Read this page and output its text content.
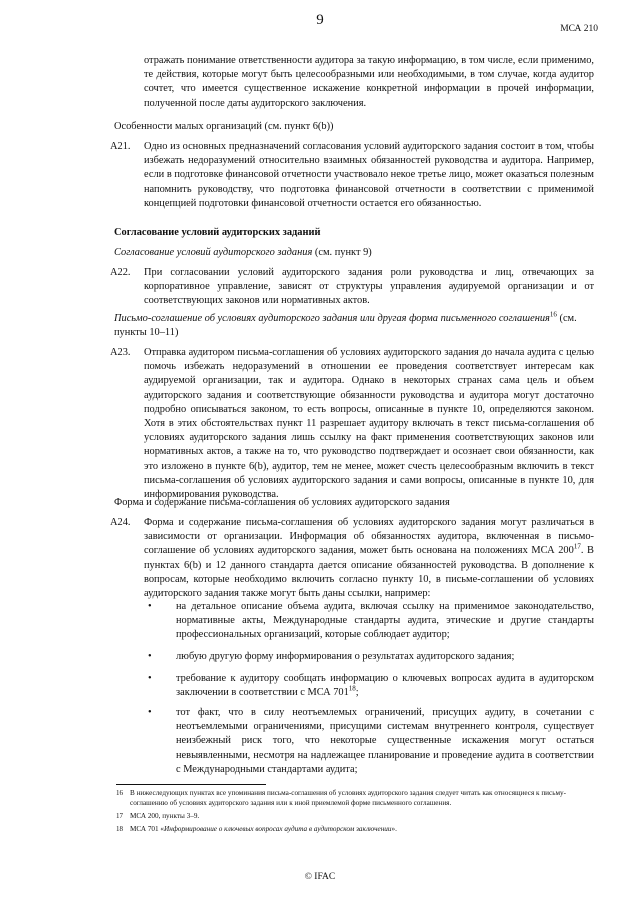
9
МСА 210

отражать понимание ответственности аудитора за такую информацию, в том числе, если применимо, те действия, которые могут быть целесообразными или необходимыми, в том случае, когда аудитор сочтет, что имеется существенное искажение конкретной информации в прочей информации, полученной после даты аудиторского заключения.

Особенности малых организаций (см. пункт 6(b))
A21.	Одно из основных предназначений согласования условий аудиторского задания состоит в том, чтобы избежать недоразумений относительно взаимных обязанностей руководства и аудитора. Например, если в подготовке финансовой отчетности участвовало некое третье лицо, может оказаться полезным напомнить руководству, что подготовка финансовой отчетности в соответствии с применимой концепцией подготовки финансовой отчетности остается его обязанностью.
Согласование условий аудиторских заданий
Согласование условий аудиторского задания (см. пункт 9)
A22.	При согласовании условий аудиторского задания роли руководства и лиц, отвечающих за корпоративное управление, зависят от структуры управления аудируемой организации и от соответствующих законов или нормативных актов.
Письмо-соглашение об условиях аудиторского задания или другая форма письменного соглашения$^{16}$ (см. пункты 10–11)
A23.	Отправка аудитором письма-соглашения об условиях аудиторского задания до начала аудита с целью помочь избежать недоразумений в отношении ее проведения соответствует интересам как аудируемой организации, так и аудитора. Однако в некоторых странах сама цель и объем аудиторского задания и соответствующие обязанности руководства и аудитора могут достаточно подробно описываться законом, то есть вопросы, описанные в пункте 10, определяются законом. Хотя в этих обстоятельствах пункт 11 разрешает аудитору включать в текст письма-соглашения об условиях аудиторского задания лишь ссылку на факт применения соответствующих законов или нормативных актов, а также на то, что руководство подтверждает и осознает свои обязанности, как это изложено в пункте 6(b), аудитор, тем не менее, может счесть целесообразным включить в текст письма-соглашения об условиях аудиторского задания и сами вопросы, описанные в пункте 10, для информирования руководства.
Форма и содержание письма-соглашения об условиях аудиторского задания
A24.	Форма и содержание письма-соглашения об условиях аудиторского задания могут различаться в зависимости от организации. Информация об обязанностях аудитора, включенная в письмо-соглашение об условиях аудиторского задания, может быть основана на положениях МСА $200^{17}$. В пунктах 6(b) и 12 данного стандарта дается описание обязанностей руководства. В дополнение к вопросам, которые необходимо включить согласно пункту 10, в письме-соглашении об условиях аудиторского задания также могут быть даны ссылки, например:
•	на детальное описание объема аудита, включая ссылку на применимое законодательство, нормативные акты, Международные стандарты аудита, этические и другие стандарты профессиональных организаций, которые соблюдает аудитор;
•	любую другую форму информирования о результатах аудиторского задания;
•	требование к аудитору сообщать информацию о ключевых вопросах аудита в аудиторском заключении в соответствии с МСА $701^{18}$;
•	тот факт, что в силу неотъемлемых ограничений, присущих аудиту, в сочетании с неотъемлемыми ограничениями, присущими системам внутреннего контроля, существует неизбежный риск того, что некоторые существенные искажения могут остаться невыявленными, несмотря на надлежащее планирование и проведение аудита в соответствии с Международными стандартами аудита;
16 В нижеследующих пунктах все упоминания письма-соглашения об условиях аудиторского задания следует читать как относящиеся к письму-соглашению об условиях аудиторского задания или к иной приемлемой форме письменного соглашения.
17 МСА 200, пункты 3–9.
18 МСА 701 «Информирование о ключевых вопросах аудита в аудиторском заключении».
© IFAC
